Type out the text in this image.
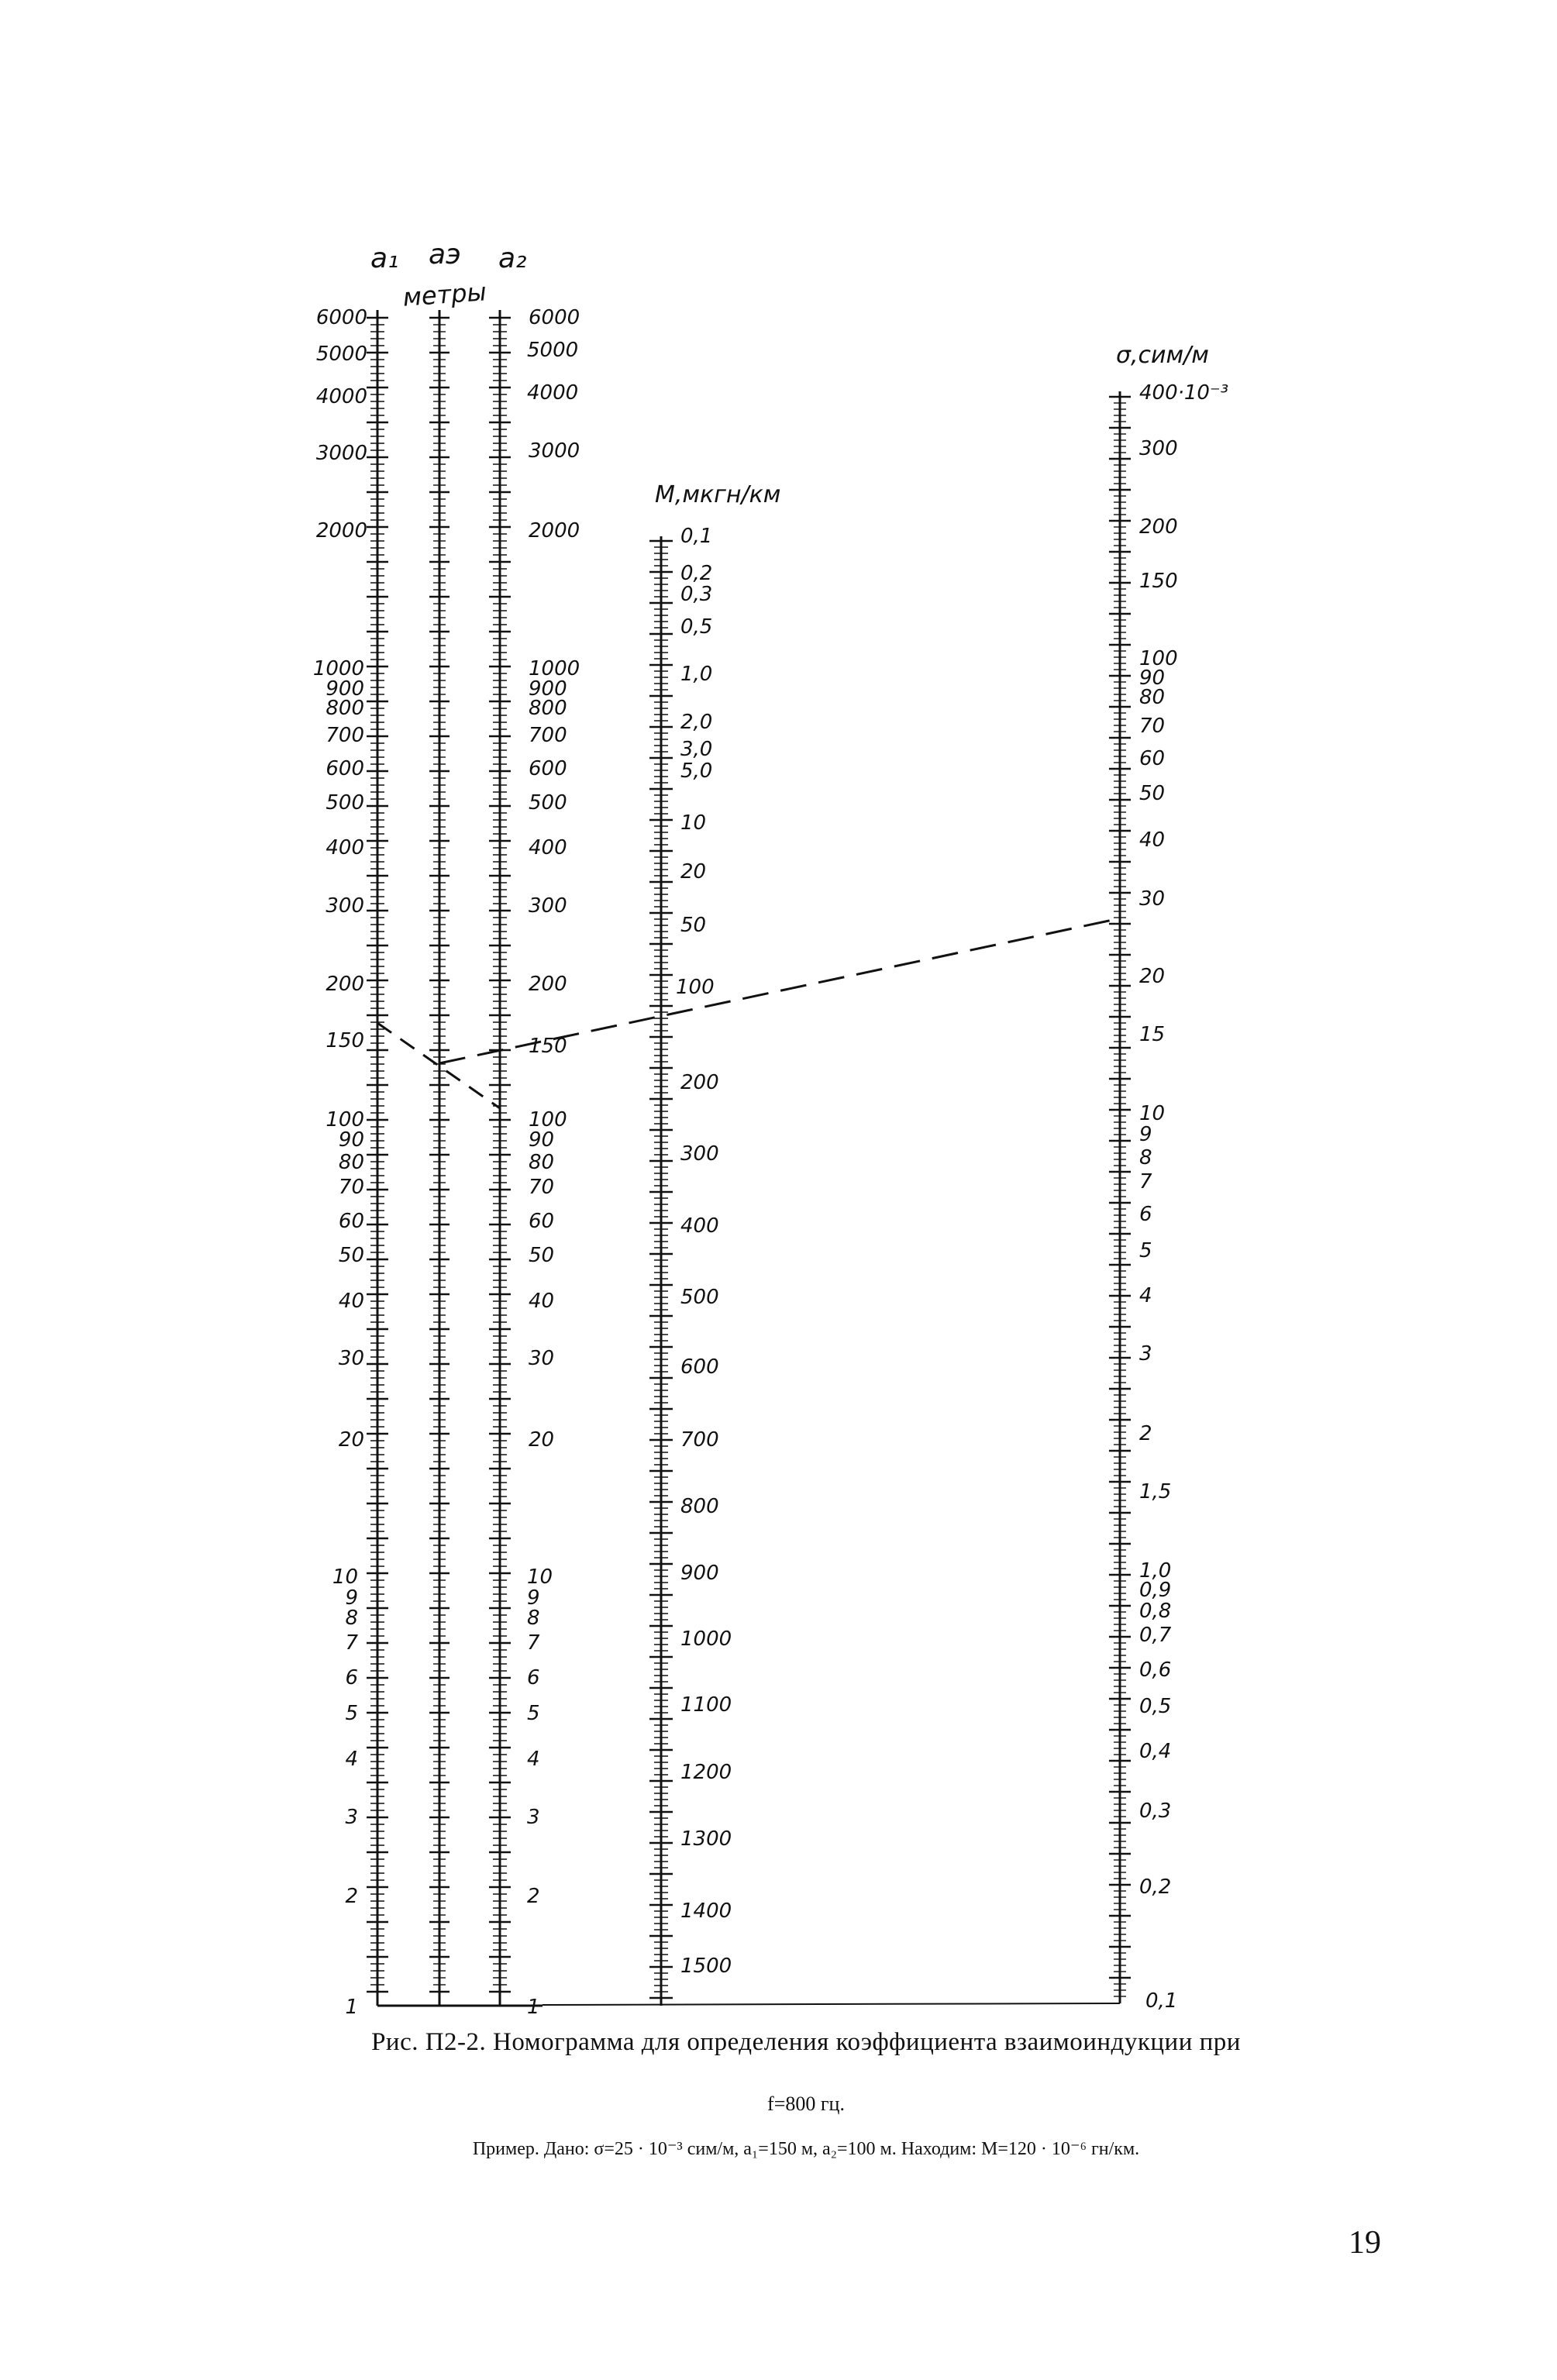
a₁ aэ a₂
метры
M,мкгн/км
σ,сим/м
6000
5000
4000
3000
2000
1000
900
800
700
600
500
400
300
200
150
100
90
80
70
60
50
40
30
20
10
9
8
7
6
5
4
3
2
1
6000
5000
4000
3000
2000
1000
900
800
700
600
500
400
300
200
150
100
90
80
70
60
50
40
30
20
10
9
8
7
6
5
4
3
2
1
0,1
0,2
0,3
0,5
1,0
2,0
3,0
5,0
10
20
50
100
200
300
400
500
600
700
800
900
1000
1100
1200
1300
1400
1500
400·10⁻³
300
200
150
100
90
80
70
60
50
40
30
20
15
10
9
8
7
6
5
4
3
2
1,5
1,0
0,9
0,8
0,7
0,6
0,5
0,4
0,3
0,2
0,1
Рис. П2-2. Номограмма для определения коэффициента взаимоиндукции при
f=800 гц.
Пример. Дано: σ=25 · 10⁻³ сим/м, a₁=150 м, a₂=100 м. Находим: M=120 · 10⁻⁶ гн/км.
19
